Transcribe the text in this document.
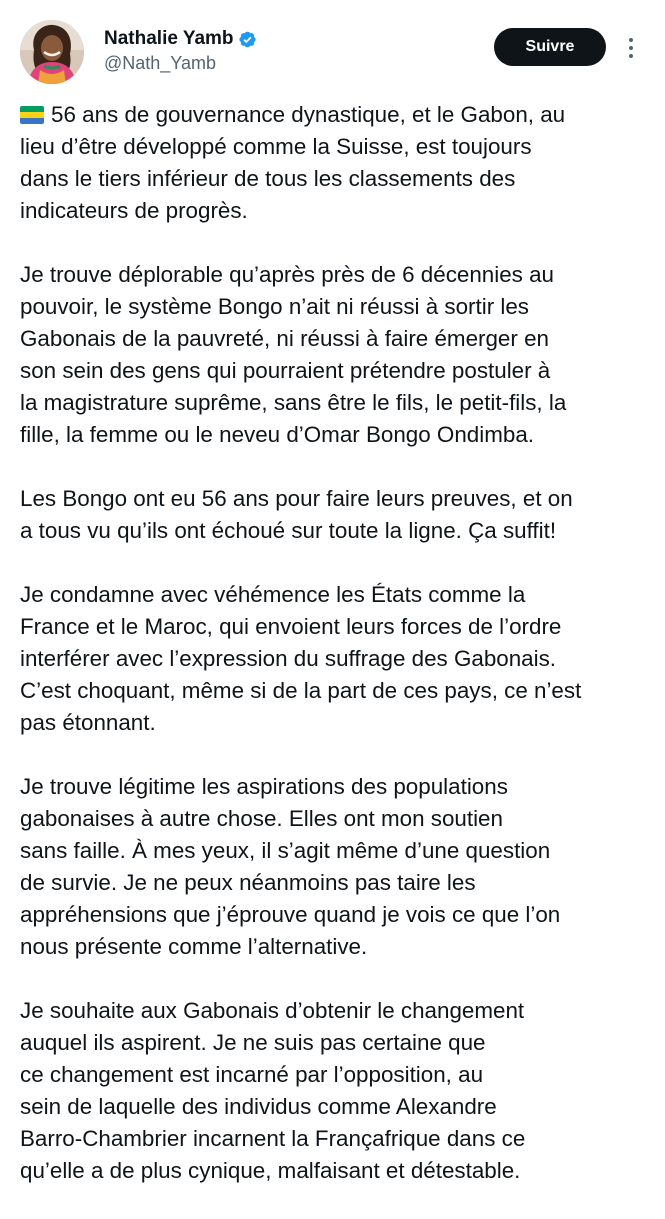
Nathalie Yamb
@Nath_Yamb
Suivre
56 ans de gouvernance dynastique, et le Gabon, au
lieu d’être développé comme la Suisse, est toujours
dans le tiers inférieur de tous les classements des
indicateurs de progrès.
Je trouve déplorable qu’après près de 6 décennies au
pouvoir, le système Bongo n’ait ni réussi à sortir les
Gabonais de la pauvreté, ni réussi à faire émerger en
son sein des gens qui pourraient prétendre postuler à
la magistrature suprême, sans être le fils, le petit-fils, la
fille, la femme ou le neveu d’Omar Bongo Ondimba.
Les Bongo ont eu 56 ans pour faire leurs preuves, et on
a tous vu qu’ils ont échoué sur toute la ligne. Ça suffit!
Je condamne avec véhémence les États comme la
France et le Maroc, qui envoient leurs forces de l’ordre
interférer avec l’expression du suffrage des Gabonais.
C’est choquant, même si de la part de ces pays, ce n’est
pas étonnant.
Je trouve légitime les aspirations des populations
gabonaises à autre chose. Elles ont mon soutien
sans faille. À mes yeux, il s’agit même d’une question
de survie. Je ne peux néanmoins pas taire les
appréhensions que j’éprouve quand je vois ce que l’on
nous présente comme l’alternative.
Je souhaite aux Gabonais d’obtenir le changement
auquel ils aspirent. Je ne suis pas certaine que
ce changement est incarné par l’opposition, au
sein de laquelle des individus comme Alexandre
Barro-Chambrier incarnent la Françafrique dans ce
qu’elle a de plus cynique, malfaisant et détestable.
